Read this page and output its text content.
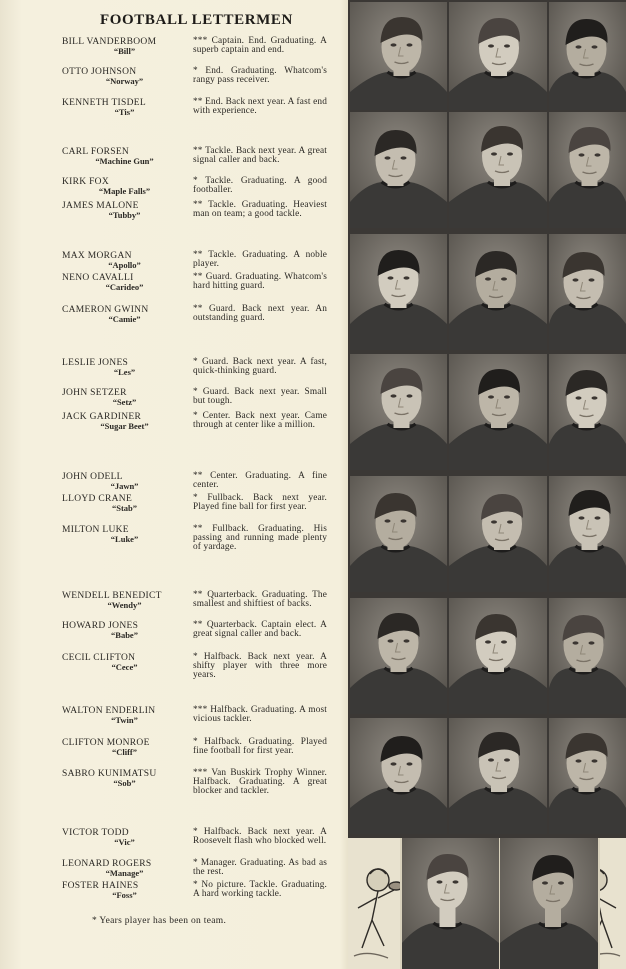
FOOTBALL LETTERMEN
BILL VANDERBOOM
“Bill”
*** Captain. End. Graduating. A superb captain and end.
OTTO JOHNSON
“Norway”
* End. Graduating. Whatcom's rangy pass receiver.
KENNETH TISDEL
“Tis”
** End. Back next year. A fast end with experience.
CARL FORSEN
“Machine Gun”
** Tackle. Back next year. A great signal caller and back.
KIRK FOX
“Maple Falls”
* Tackle. Graduating. A good footballer.
JAMES MALONE
“Tubby”
** Tackle. Graduating. Heaviest man on team; a good tackle.
MAX MORGAN
“Apollo”
** Tackle. Graduating. A noble player.
NENO CAVALLI
“Carideo”
** Guard. Graduating. Whatcom's hard hitting guard.
CAMERON GWINN
“Camie”
** Guard. Back next year. An outstanding guard.
LESLIE JONES
“Les”
* Guard. Back next year. A fast, quick-thinking guard.
JOHN SETZER
“Setz”
* Guard. Back next year. Small but tough.
JACK GARDINER
“Sugar Beet”
* Center. Back next year. Came through at center like a million.
JOHN ODELL
“Jawn”
** Center. Graduating. A fine center.
LLOYD CRANE
“Stab”
* Fullback. Back next year. Played fine ball for first year.
MILTON LUKE
“Luke”
** Fullback. Graduating. His passing and running made plenty of yardage.
WENDELL BENEDICT
“Wendy”
** Quarterback. Graduating. The smallest and shiftiest of backs.
HOWARD JONES
“Babe”
** Quarterback. Captain elect. A great signal caller and back.
CECIL CLIFTON
“Cece”
* Halfback. Back next year. A shifty player with three more years.
WALTON ENDERLIN
“Twin”
*** Halfback. Graduating. A most vicious tackler.
CLIFTON MONROE
“Cliff”
* Halfback. Graduating. Played fine football for first year.
SABRO KUNIMATSU
“Sob”
*** Van Buskirk Trophy Winner. Halfback. Graduating. A great blocker and tackler.
VICTOR TODD
“Vic”
* Halfback. Back next year. A Roosevelt flash who blocked well.
LEONARD ROGERS
“Manage”
* Manager. Graduating. As bad as the rest.
FOSTER HAINES
“Foss”
* No picture. Tackle. Graduating. A hard working tackle.
* Years player has been on team.
